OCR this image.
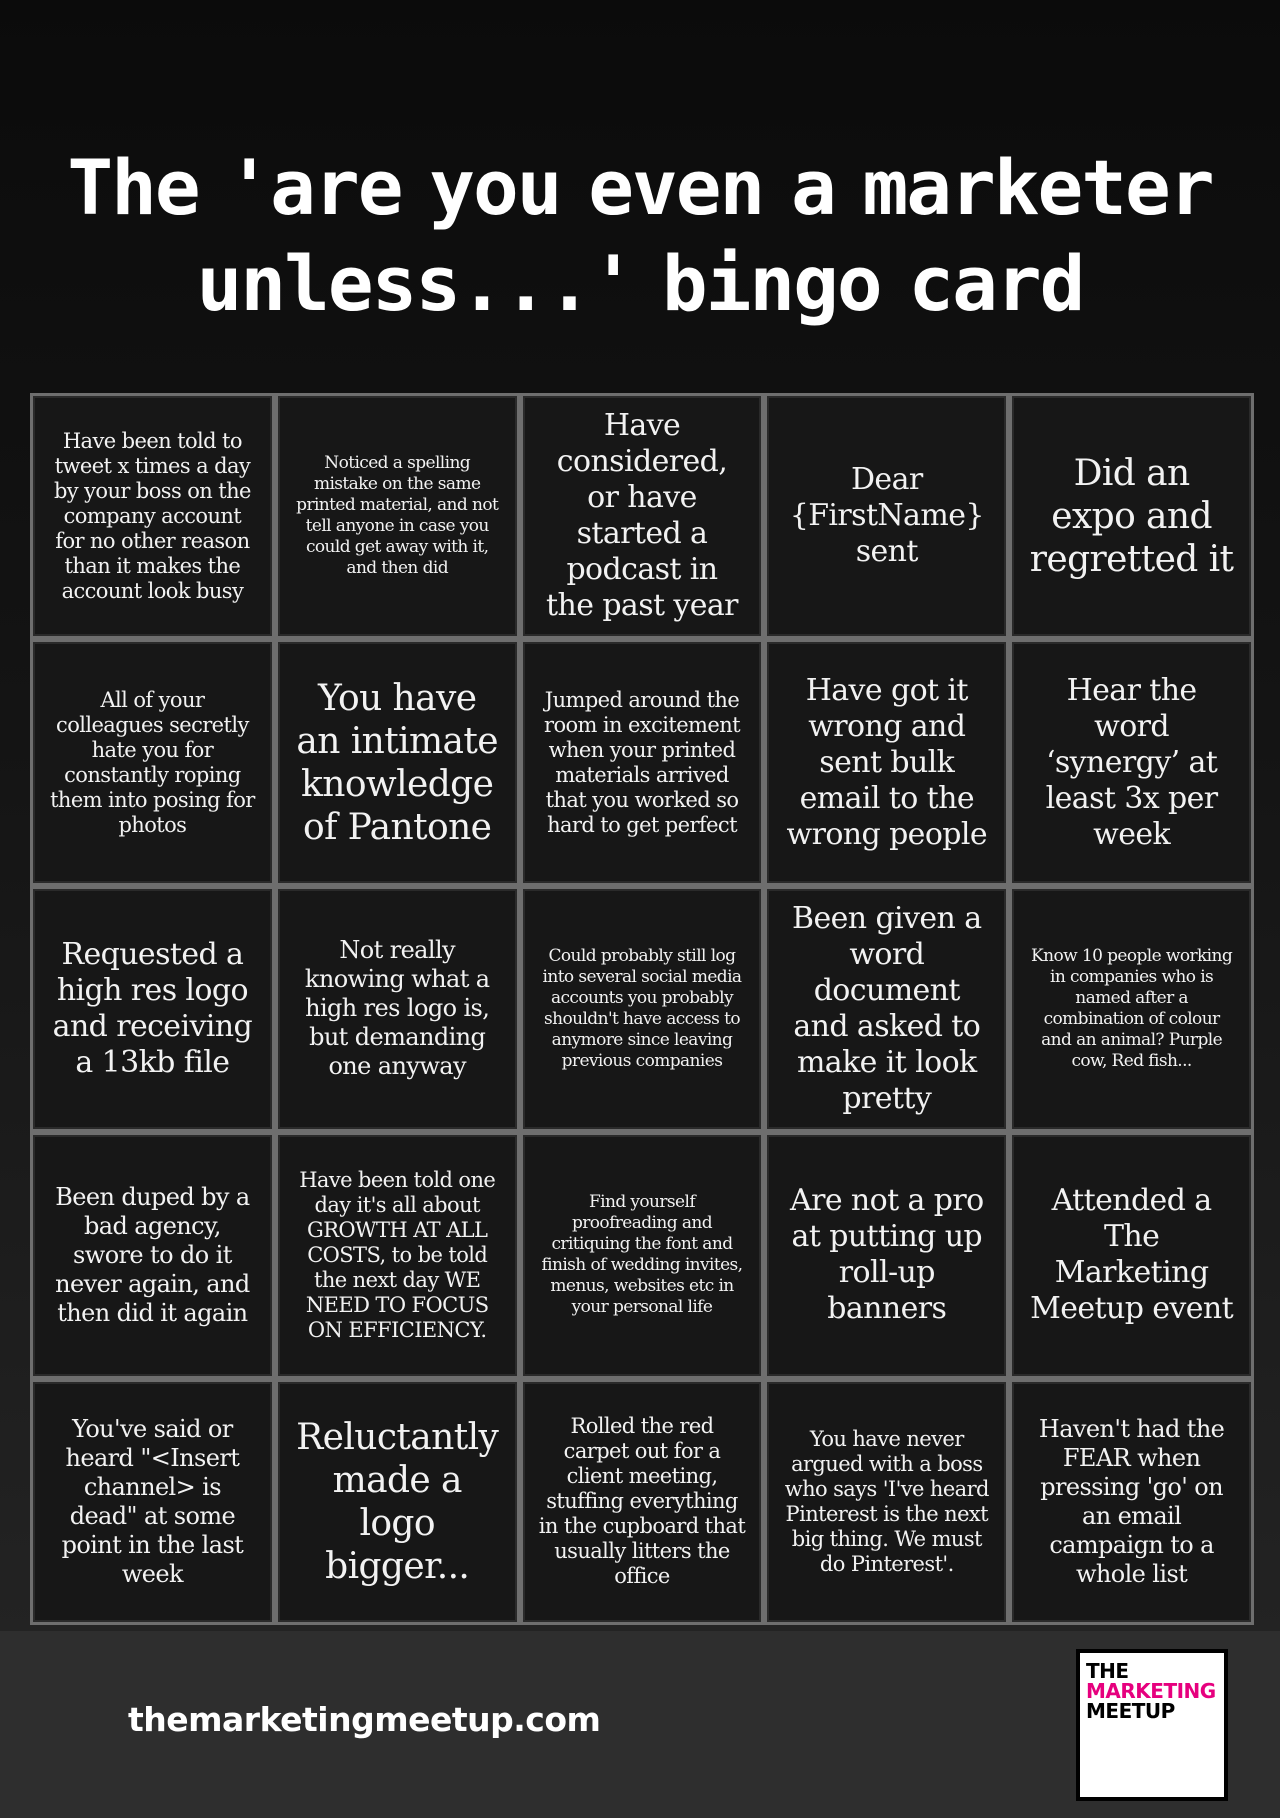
The 'are you even a marketer
unless...' bingo card
Have been told to tweet x times a day by your boss on the company account for no other reason than it makes the account look busy
Noticed a spelling mistake on the same printed material, and not tell anyone in case you could get away with it, and then did
Have considered, or have started a podcast in the past year
Dear {FirstName} sent
Did an expo and regretted it
All of your colleagues secretly hate you for constantly roping them into posing for photos
You have an intimate knowledge of Pantone
Jumped around the room in excitement when your printed materials arrived that you worked so hard to get perfect
Have got it wrong and sent bulk email to the wrong people
Hear the word ‘synergy’ at least 3x per week
Requested a high res logo and receiving a 13kb file
Not really knowing what a high res logo is, but demanding one anyway
Could probably still log into several social media accounts you probably shouldn't have access to anymore since leaving previous companies
Been given a word document and asked to make it look pretty
Know 10 people working in companies who is named after a combination of colour and an animal? Purple cow, Red fish...
Been duped by a bad agency, swore to do it never again, and then did it again
Have been told one day it's all about GROWTH AT ALL COSTS, to be told the next day WE NEED TO FOCUS ON EFFICIENCY.
Find yourself proofreading and critiquing the font and finish of wedding invites, menus, websites etc in your personal life
Are not a pro at putting up roll-up banners
Attended a The Marketing Meetup event
You've said or heard "<Insert channel> is dead" at some point in the last week
Reluctantly made a logo bigger...
Rolled the red carpet out for a client meeting, stuffing everything in the cupboard that usually litters the office
You have never argued with a boss who says 'I've heard Pinterest is the next big thing. We must do Pinterest'.
Haven't had the FEAR when pressing 'go' on an email campaign to a whole list

themarketingmeetup.com

THE
MARKETING
MEETUP
